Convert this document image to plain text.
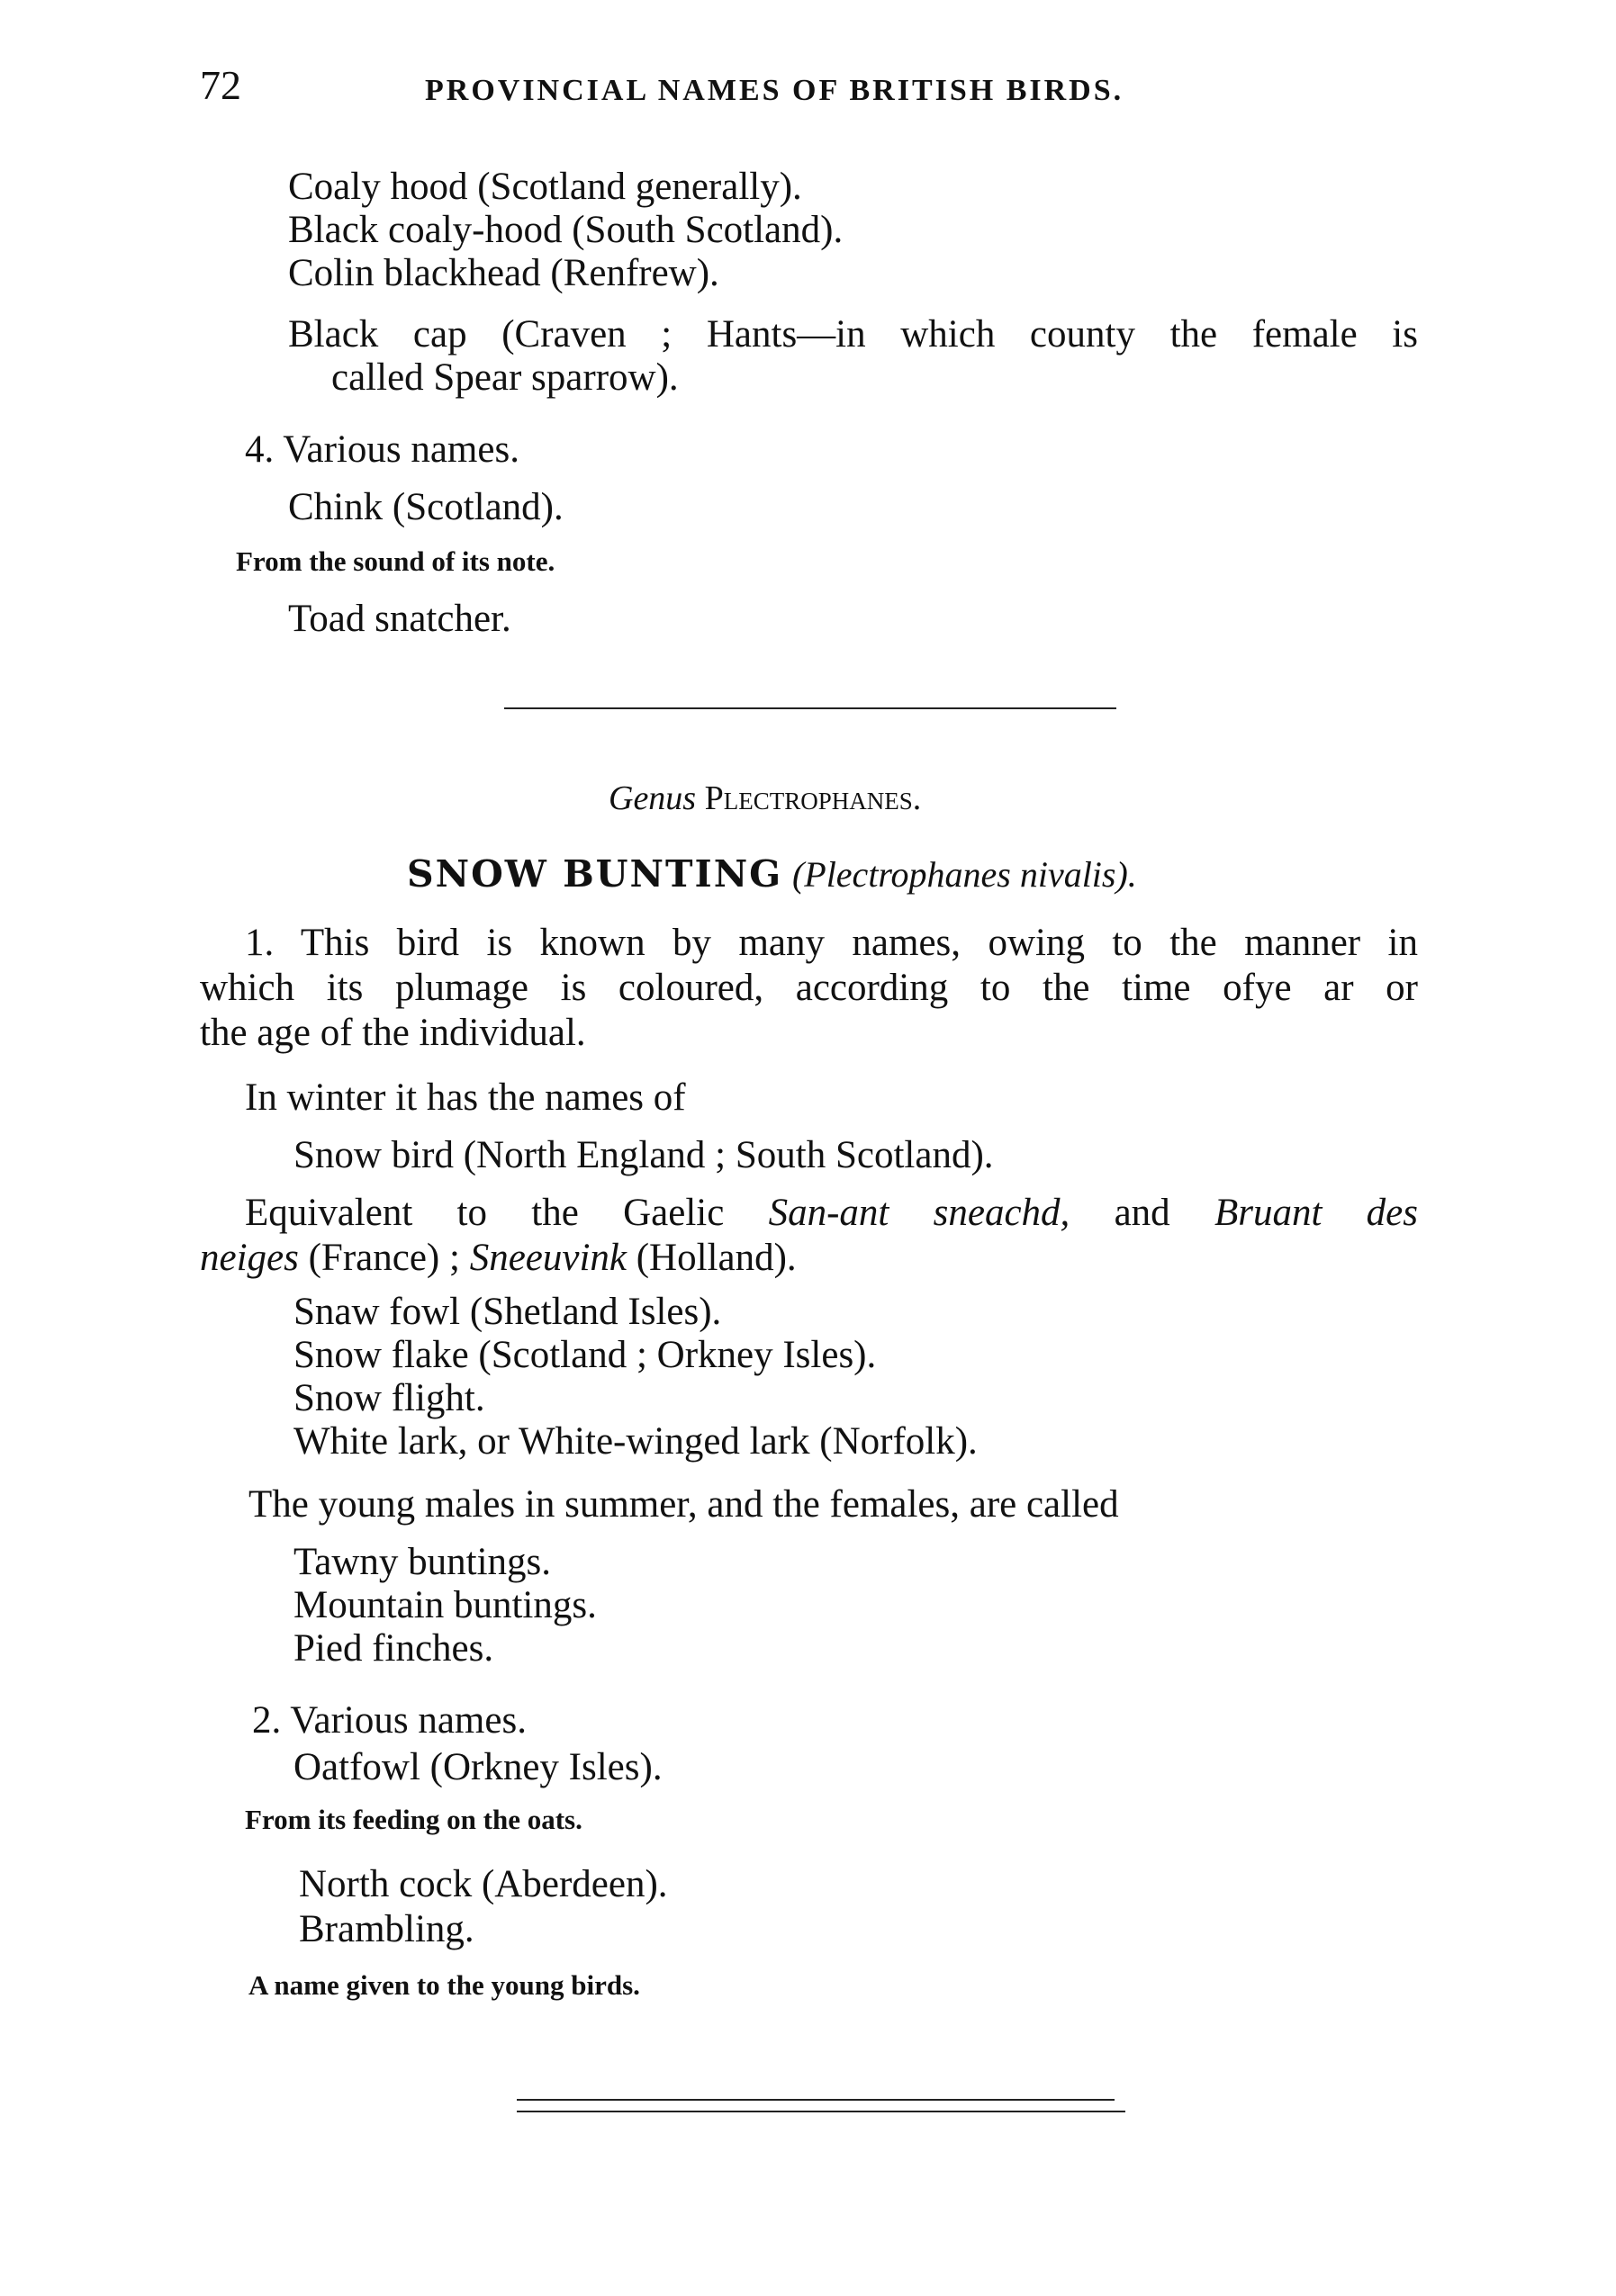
72	PROVINCIAL NAMES OF BRITISH BIRDS.
Coaly hood (Scotland generally).
Black coaly-hood (South Scotland).
Colin blackhead (Renfrew).
Black cap (Craven ; Hants—in which county the female is
called Spear sparrow).
4. Various names.
Chink (Scotland).
From the sound of its note.
Toad snatcher.
Genus Plectrophanes.
SNOW BUNTING (Plectrophanes nivalis).
1. This bird is known by many names, owing to the manner in
which its plumage is coloured, according to the time ofye ar or
the age of the individual.
In winter it has the names of
Snow bird (North England ; South Scotland).
Equivalent to the Gaelic San-ant sneachd, and Bruant des
neiges (France) ; Sneeuvink (Holland).
Snaw fowl (Shetland Isles).
Snow flake (Scotland ; Orkney Isles).
Snow flight.
White lark, or White-winged lark (Norfolk).
The young males in summer, and the females, are called
Tawny buntings.
Mountain buntings.
Pied finches.
2. Various names.
Oatfowl (Orkney Isles).
From its feeding on the oats.
North cock (Aberdeen).
Brambling.
A name given to the young birds.
